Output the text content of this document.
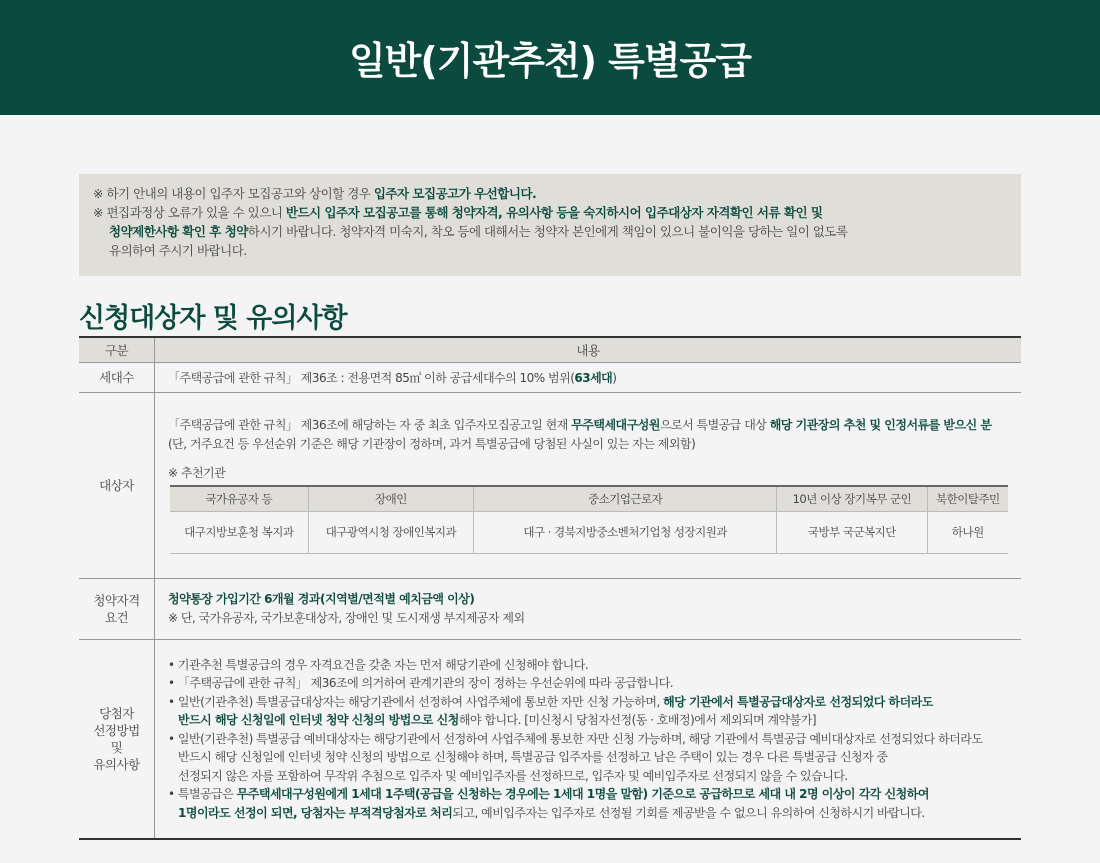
일반(기관추천) 특별공급
※ 하기 안내의 내용이 입주자 모집공고와 상이할 경우 입주자 모집공고가 우선합니다.
※ 편집과정상 오류가 있을 수 있으니 반드시 입주자 모집공고를 통해 청약자격, 유의사항 등을 숙지하시어 입주대상자 자격확인 서류 확인 및
청약제한사항 확인 후 청약하시기 바랍니다. 청약자격 미숙지, 착오 등에 대해서는 청약자 본인에게 책임이 있으니 불이익을 당하는 일이 없도록
유의하여 주시기 바랍니다.
신청대상자 및 유의사항
구분	내용
세대수	「주택공급에 관한 규칙」 제36조 : 전용면적 85㎡ 이하 공급세대수의 10% 범위(63세대)
대상자	
「주택공급에 관한 규칙」 제36조에 해당하는 자 중 최초 입주자모집공고일 현재 무주택세대구성원으로서 특별공급 대상 해당 기관장의 추천 및 인정서류를 받으신 분
(단, 거주요건 등 우선순위 기준은 해당 기관장이 정하며, 과거 특별공급에 당첨된 사실이 있는 자는 제외함)
※ 추천기관
국가유공자 등	장애인	중소기업근로자	10년 이상 장기복무 군인	북한이탈주민
대구지방보훈청 복지과	대구광역시청 장애인복지과	대구 · 경북지방중소벤처기업청 성장지원과	국방부 국군복지단	하나원

청약자격
요건	
청약통장 가입기간 6개월 경과(지역별/면적별 예치금액 이상)
※ 단, 국가유공자, 국가보훈대상자, 장애인 및 도시재생 부지제공자 제외

당첨자
선정방법
및
유의사항	
• 기관추천 특별공급의 경우 자격요건을 갖춘 자는 먼저 해당기관에 신청해야 합니다.
• 「주택공급에 관한 규칙」 제36조에 의거하여 관계기관의 장이 정하는 우선순위에 따라 공급합니다.
• 일반(기관추천) 특별공급대상자는 해당기관에서 선정하여 사업주체에 통보한 자만 신청 가능하며, 해당 기관에서 특별공급대상자로 선정되었다 하더라도
반드시 해당 신청일에 인터넷 청약 신청의 방법으로 신청해야 합니다. [미신청시 당첨자선정(동 · 호배정)에서 제외되며 계약불가]
• 일반(기관추천) 특별공급 예비대상자는 해당기관에서 선정하여 사업주체에 통보한 자만 신청 가능하며, 해당 기관에서 특별공급 예비대상자로 선정되었다 하더라도
반드시 해당 신청일에 인터넷 청약 신청의 방법으로 신청해야 하며, 특별공급 입주자를 선정하고 남은 주택이 있는 경우 다른 특별공급 신청자 중
선정되지 않은 자를 포함하여 무작위 추첨으로 입주자 및 예비입주자를 선정하므로, 입주자 및 예비입주자로 선정되지 않을 수 있습니다.
• 특별공급은 무주택세대구성원에게 1세대 1주택(공급을 신청하는 경우에는 1세대 1명을 말함) 기준으로 공급하므로 세대 내 2명 이상이 각각 신청하여
1명이라도 선정이 되면, 당첨자는 부적격당첨자로 처리되고, 예비입주자는 입주자로 선정될 기회를 제공받을 수 없으니 유의하여 신청하시기 바랍니다.
